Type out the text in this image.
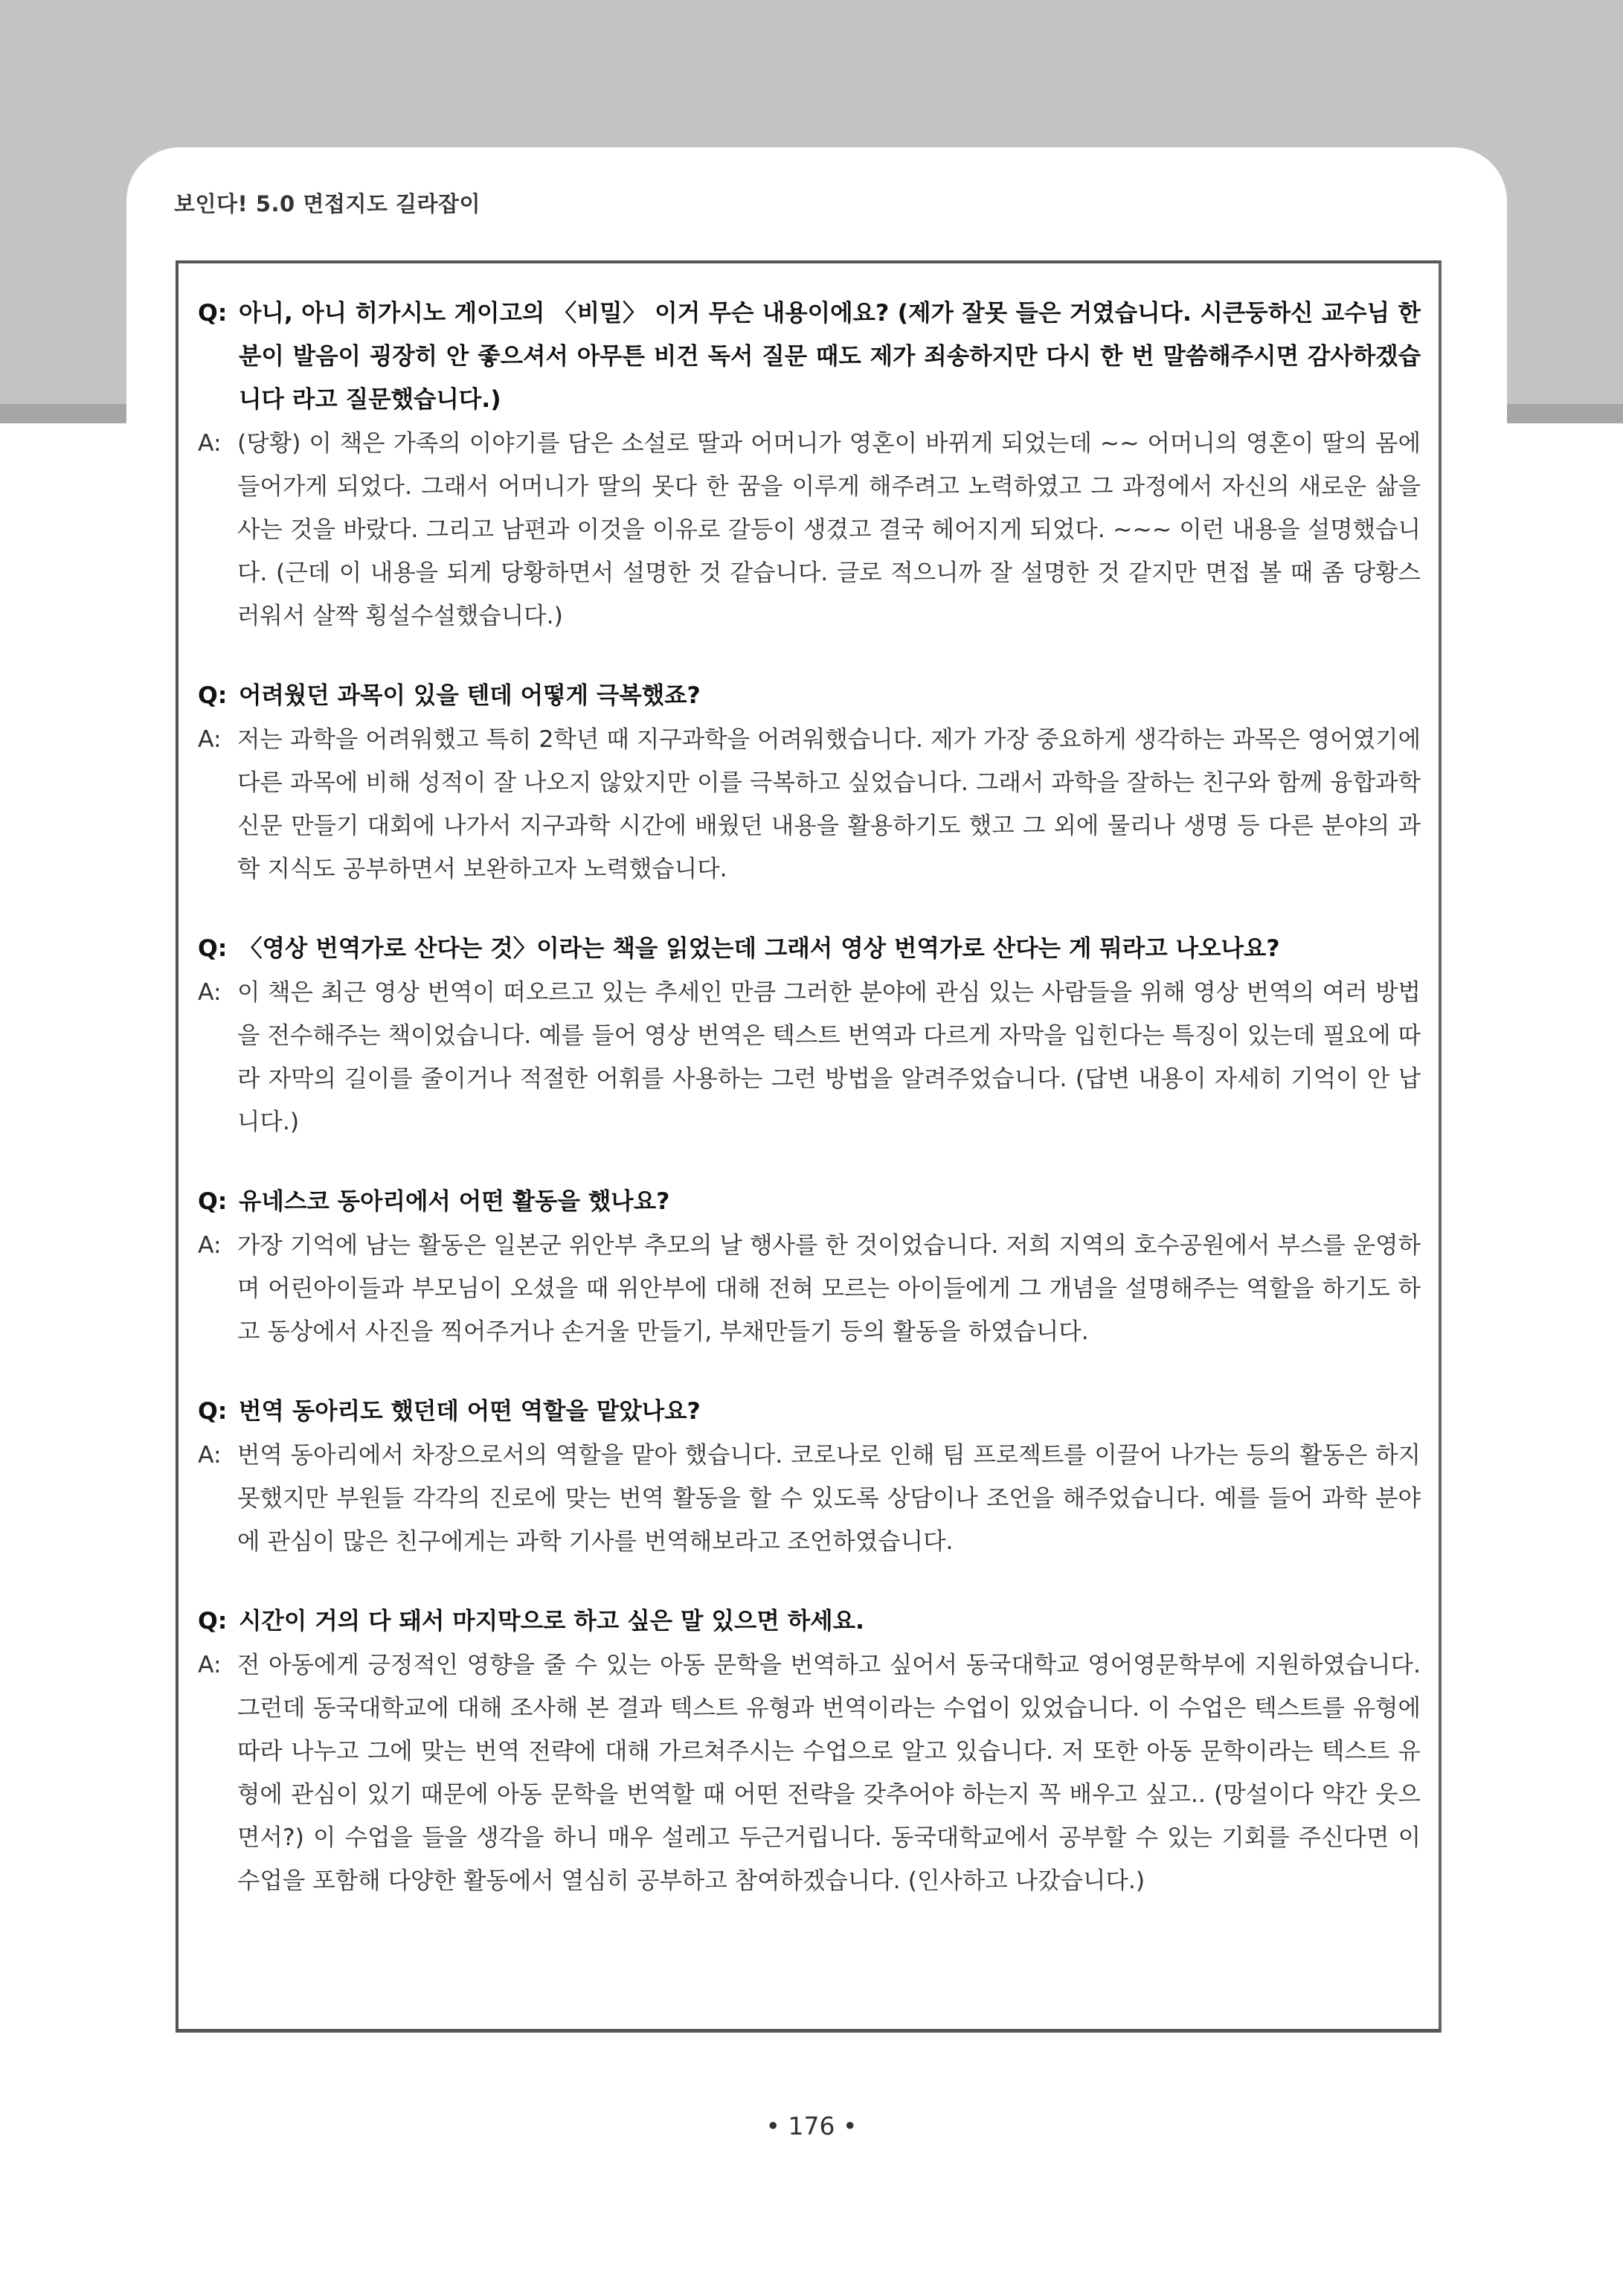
보인다! 5.0 면접지도 길라잡이
Q: 아니, 아니 히가시노 게이고의 〈비밀〉 이거 무슨 내용이에요? (제가 잘못 들은 거였습니다. 시큰둥하신 교수님 한 분이 발음이 굉장히 안 좋으셔서 아무튼 비건 독서 질문 때도 제가 죄송하지만 다시 한 번 말씀해주시면 감사하겠습니다 라고 질문했습니다.)
A: (당황) 이 책은 가족의 이야기를 담은 소설로 딸과 어머니가 영혼이 바뀌게 되었는데 ~~ 어머니의 영혼이 딸의 몸에 들어가게 되었다. 그래서 어머니가 딸의 못다 한 꿈을 이루게 해주려고 노력하였고 그 과정에서 자신의 새로운 삶을 사는 것을 바랐다. 그리고 남편과 이것을 이유로 갈등이 생겼고 결국 헤어지게 되었다. ~~~ 이런 내용을 설명했습니다. (근데 이 내용을 되게 당황하면서 설명한 것 같습니다. 글로 적으니까 잘 설명한 것 같지만 면접 볼 때 좀 당황스러워서 살짝 횡설수설했습니다.)
Q: 어려웠던 과목이 있을 텐데 어떻게 극복했죠?
A: 저는 과학을 어려워했고 특히 2학년 때 지구과학을 어려워했습니다. 제가 가장 중요하게 생각하는 과목은 영어였기에 다른 과목에 비해 성적이 잘 나오지 않았지만 이를 극복하고 싶었습니다. 그래서 과학을 잘하는 친구와 함께 융합과학 신문 만들기 대회에 나가서 지구과학 시간에 배웠던 내용을 활용하기도 했고 그 외에 물리나 생명 등 다른 분야의 과학 지식도 공부하면서 보완하고자 노력했습니다.
Q: 〈영상 번역가로 산다는 것〉이라는 책을 읽었는데 그래서 영상 번역가로 산다는 게 뭐라고 나오나요?
A: 이 책은 최근 영상 번역이 떠오르고 있는 추세인 만큼 그러한 분야에 관심 있는 사람들을 위해 영상 번역의 여러 방법을 전수해주는 책이었습니다. 예를 들어 영상 번역은 텍스트 번역과 다르게 자막을 입힌다는 특징이 있는데 필요에 따라 자막의 길이를 줄이거나 적절한 어휘를 사용하는 그런 방법을 알려주었습니다. (답변 내용이 자세히 기억이 안 납니다.)
Q: 유네스코 동아리에서 어떤 활동을 했나요?
A: 가장 기억에 남는 활동은 일본군 위안부 추모의 날 행사를 한 것이었습니다. 저희 지역의 호수공원에서 부스를 운영하며 어린아이들과 부모님이 오셨을 때 위안부에 대해 전혀 모르는 아이들에게 그 개념을 설명해주는 역할을 하기도 하고 동상에서 사진을 찍어주거나 손거울 만들기, 부채만들기 등의 활동을 하였습니다.
Q: 번역 동아리도 했던데 어떤 역할을 맡았나요?
A: 번역 동아리에서 차장으로서의 역할을 맡아 했습니다. 코로나로 인해 팀 프로젝트를 이끌어 나가는 등의 활동은 하지 못했지만 부원들 각각의 진로에 맞는 번역 활동을 할 수 있도록 상담이나 조언을 해주었습니다. 예를 들어 과학 분야에 관심이 많은 친구에게는 과학 기사를 번역해보라고 조언하였습니다.
Q: 시간이 거의 다 돼서 마지막으로 하고 싶은 말 있으면 하세요.
A: 전 아동에게 긍정적인 영향을 줄 수 있는 아동 문학을 번역하고 싶어서 동국대학교 영어영문학부에 지원하였습니다. 그런데 동국대학교에 대해 조사해 본 결과 텍스트 유형과 번역이라는 수업이 있었습니다. 이 수업은 텍스트를 유형에 따라 나누고 그에 맞는 번역 전략에 대해 가르쳐주시는 수업으로 알고 있습니다. 저 또한 아동 문학이라는 텍스트 유형에 관심이 있기 때문에 아동 문학을 번역할 때 어떤 전략을 갖추어야 하는지 꼭 배우고 싶고.. (망설이다 약간 웃으면서?) 이 수업을 들을 생각을 하니 매우 설레고 두근거립니다. 동국대학교에서 공부할 수 있는 기회를 주신다면 이 수업을 포함해 다양한 활동에서 열심히 공부하고 참여하겠습니다. (인사하고 나갔습니다.)
• 176 •
